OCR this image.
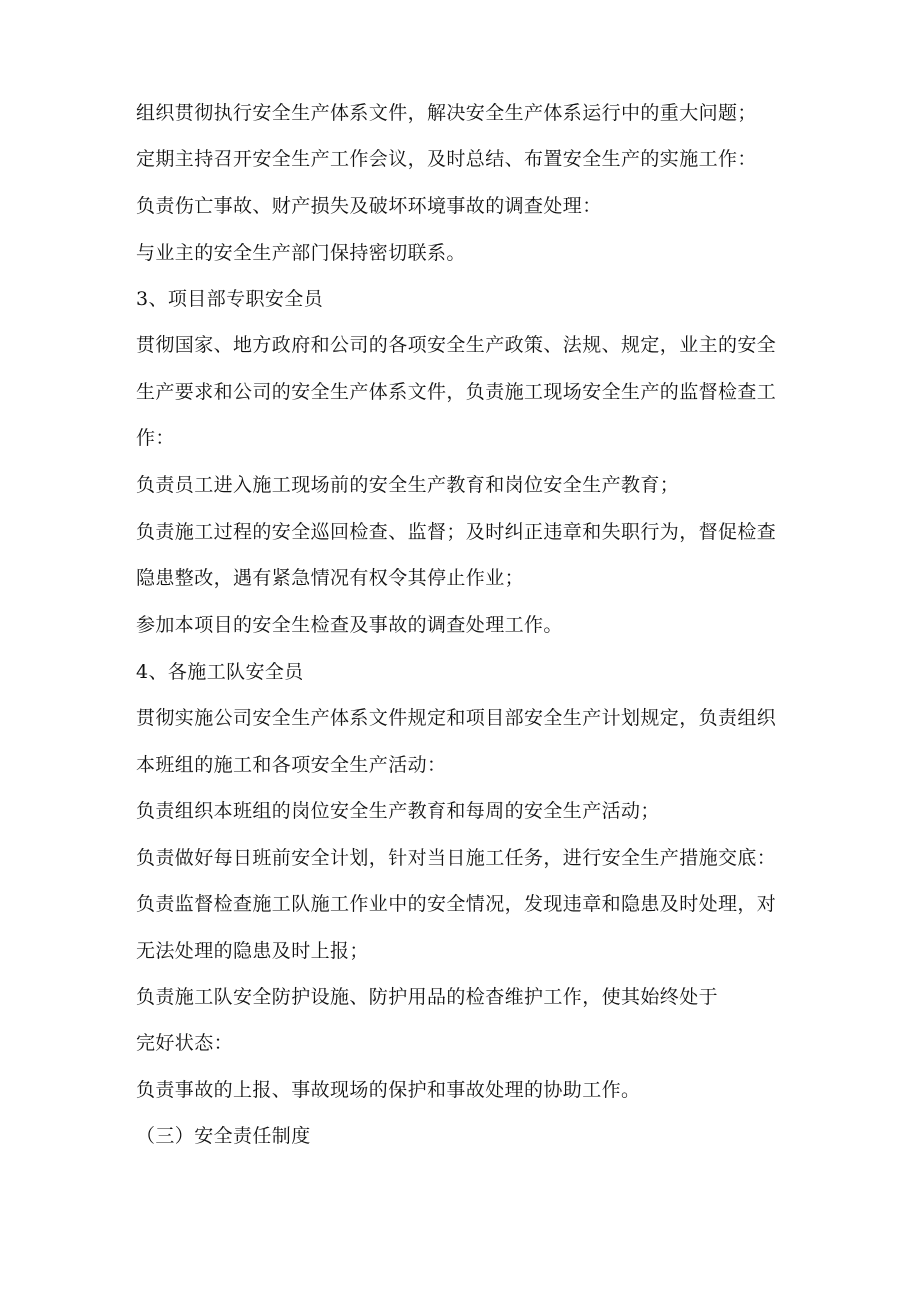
组织贯彻执行安全生产体系文件，解决安全生产体系运行中的重大问题；
定期主持召开安全生产工作会议，及时总结、布置安全生产的实施工作：
负责伤亡事故、财产损失及破坏环境事故的调查处理：
与业主的安全生产部门保持密切联系。
3、项目部专职安全员
贯彻国家、地方政府和公司的各项安全生产政策、法规、规定，业主的安全
生产要求和公司的安全生产体系文件，负责施工现场安全生产的监督检查工
作：
负责员工进入施工现场前的安全生产教育和岗位安全生产教育；
负责施工过程的安全巡回检查、监督；及时纠正违章和失职行为，督促检查
隐患整改，遇有紧急情况有权令其停止作业；
参加本项目的安全生检查及事故的调查处理工作。
4、各施工队安全员
贯彻实施公司安全生产体系文件规定和项目部安全生产计划规定，负责组织
本班组的施工和各项安全生产活动：
负责组织本班组的岗位安全生产教育和每周的安全生产活动；
负责做好每日班前安全计划，针对当日施工任务，进行安全生产措施交底：
负责监督检查施工队施工作业中的安全情况，发现违章和隐患及时处理，对
无法处理的隐患及时上报；
负责施工队安全防护设施、防护用品的检杳维护工作，使其始终处于
完好状态：
负责事故的上报、事故现场的保护和事故处理的协助工作。
（三）安全责任制度
